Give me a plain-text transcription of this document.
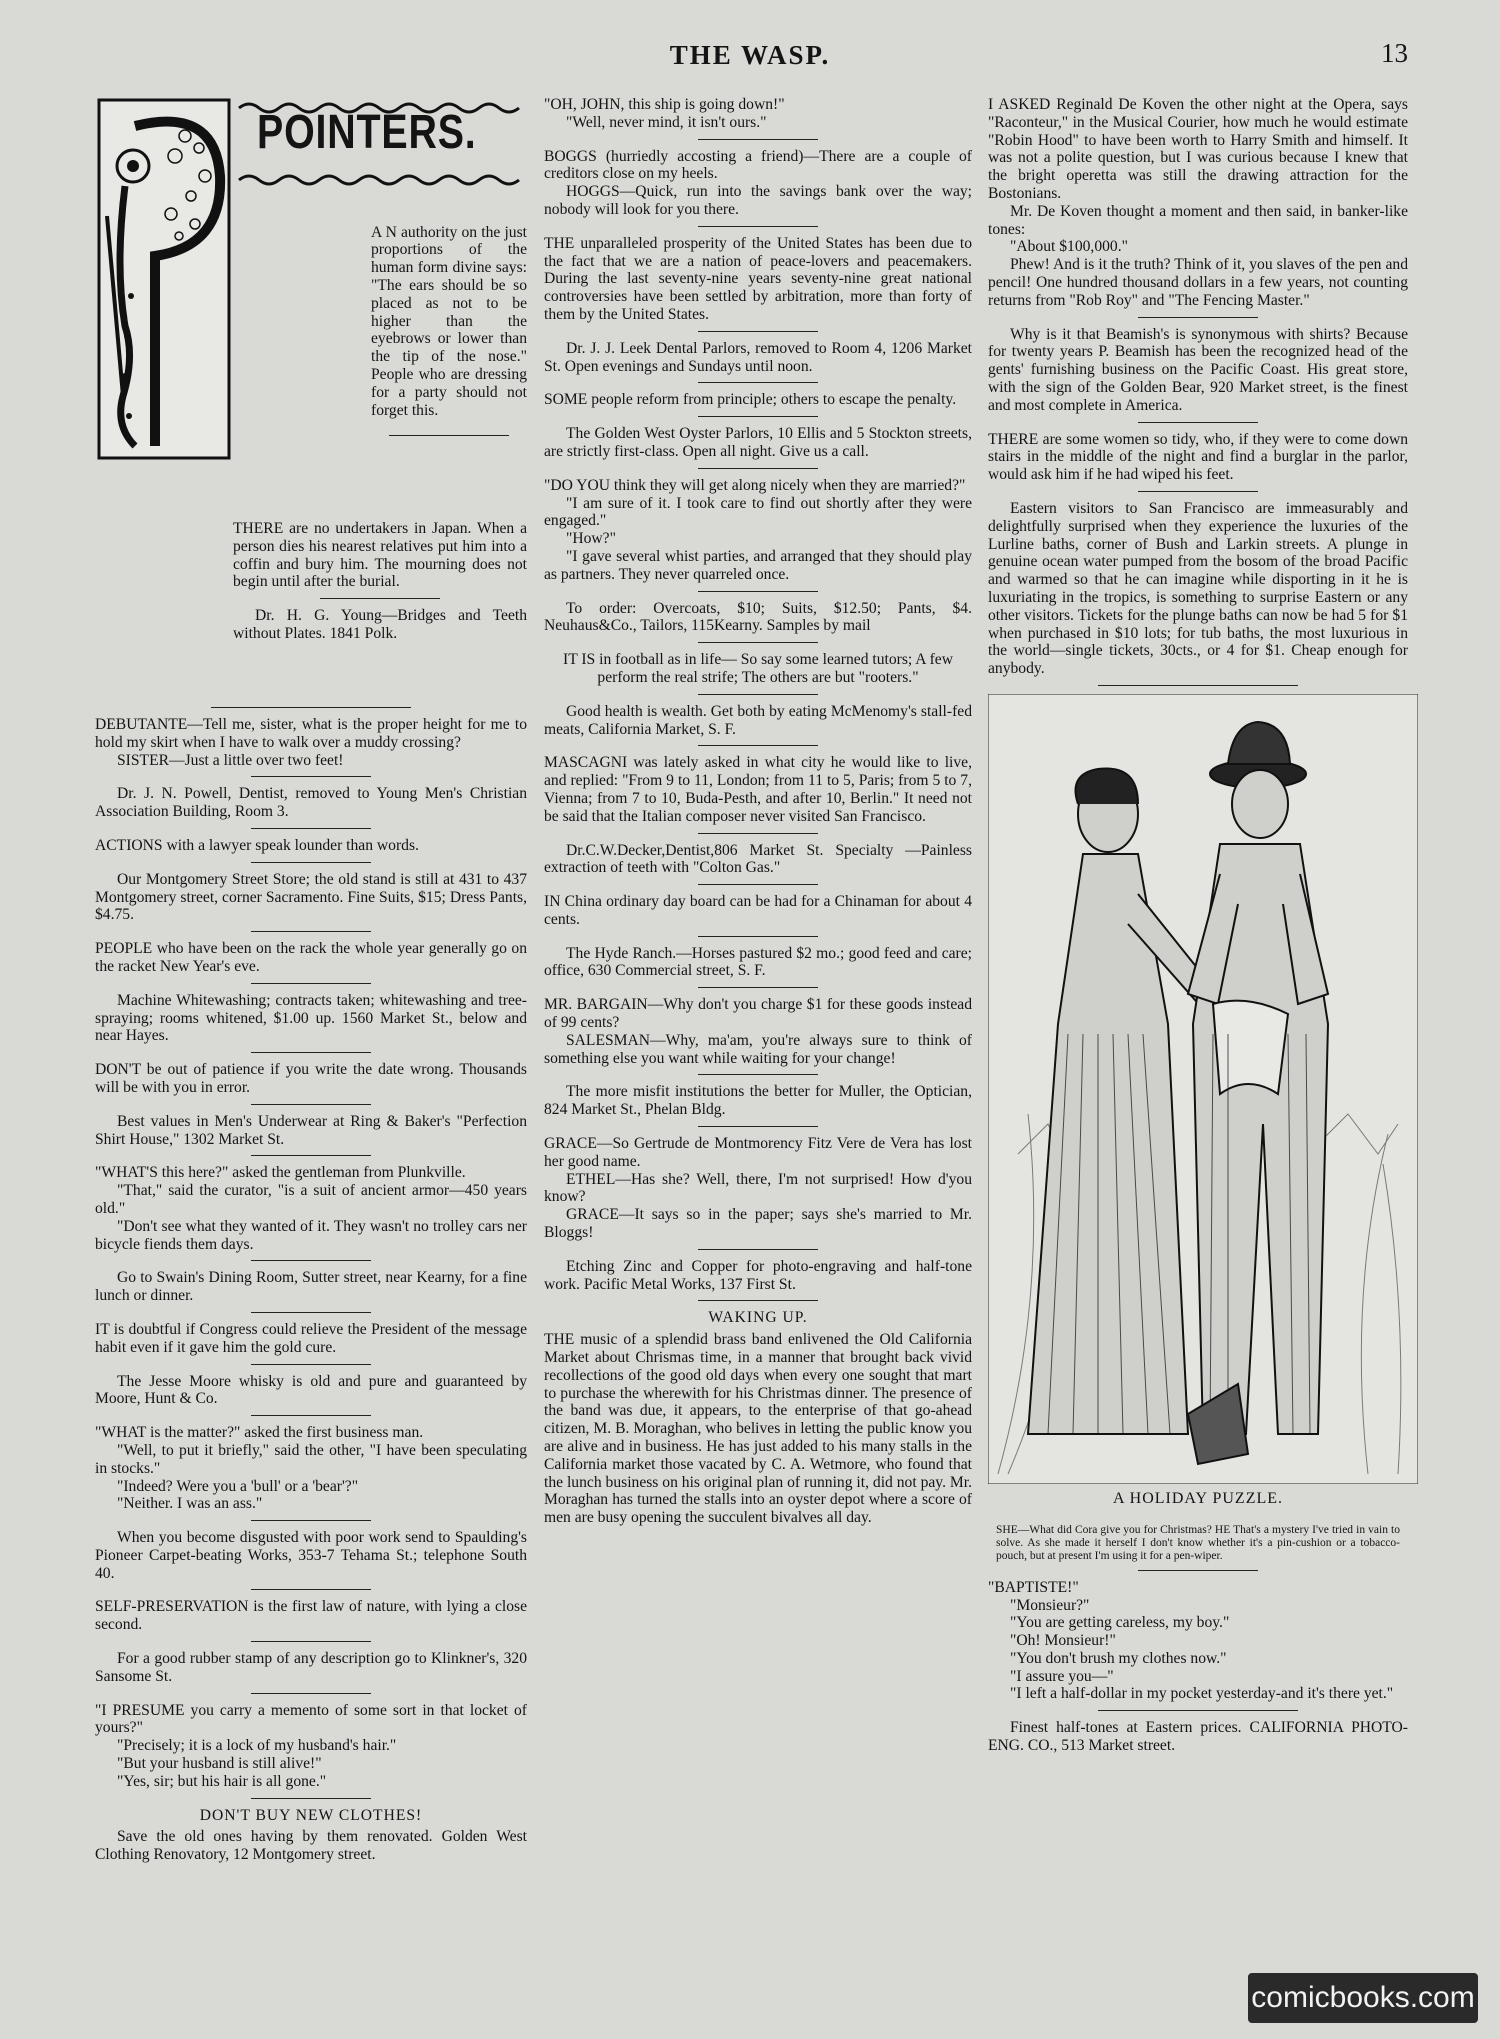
THE WASP.	13
POINTERS.

A N authority on the just proportions of the human form divine says: "The ears should be so placed as not to be higher than the eyebrows or lower than the tip of the nose." People who are dressing for a party should not forget this.

THERE are no undertakers in Japan. When a person dies his nearest relatives put him into a coffin and bury him. The mourning does not begin until after the burial.

Dr. H. G. Young—Bridges and Teeth without Plates. 1841 Polk.

DEBUTANTE—Tell me, sister, what is the proper height for me to hold my skirt when I have to walk over a muddy crossing?

SISTER—Just a little over two feet!

Dr. J. N. Powell, Dentist, removed to Young Men's Christian Association Building, Room 3.

ACTIONS with a lawyer speak lounder than words.

Our Montgomery Street Store; the old stand is still at 431 to 437 Montgomery street, corner Sacramento. Fine Suits, $15; Dress Pants, $4.75.

PEOPLE who have been on the rack the whole year generally go on the racket New Year's eve.

Machine Whitewashing; contracts taken; whitewashing and tree-spraying; rooms whitened, $1.00 up. 1560 Market St., below and near Hayes.

DON'T be out of patience if you write the date wrong. Thousands will be with you in error.

Best values in Men's Underwear at Ring & Baker's "Perfection Shirt House," 1302 Market St.

"WHAT'S this here?" asked the gentleman from Plunkville.

"That," said the curator, "is a suit of ancient armor—450 years old."

"Don't see what they wanted of it. They wasn't no trolley cars ner bicycle fiends them days.

Go to Swain's Dining Room, Sutter street, near Kearny, for a fine lunch or dinner.

IT is doubtful if Congress could relieve the President of the message habit even if it gave him the gold cure.

The Jesse Moore whisky is old and pure and guaranteed by Moore, Hunt & Co.

"WHAT is the matter?" asked the first business man.

"Well, to put it briefly," said the other, "I have been speculating in stocks."

"Indeed? Were you a 'bull' or a 'bear'?"

"Neither. I was an ass."

When you become disgusted with poor work send to Spaulding's Pioneer Carpet-beating Works, 353-7 Tehama St.; telephone South 40.

SELF-PRESERVATION is the first law of nature, with lying a close second.

For a good rubber stamp of any description go to Klinkner's, 320 Sansome St.

"I PRESUME you carry a memento of some sort in that locket of yours?"

"Precisely; it is a lock of my husband's hair."

"But your husband is still alive!"

"Yes, sir; but his hair is all gone."

DON'T BUY NEW CLOTHES!

Save the old ones having by them renovated. Golden West Clothing Renovatory, 12 Montgomery street.

"OH, JOHN, this ship is going down!"

"Well, never mind, it isn't ours."

BOGGS (hurriedly accosting a friend)—There are a couple of creditors close on my heels.

HOGGS—Quick, run into the savings bank over the way; nobody will look for you there.

THE unparalleled prosperity of the United States has been due to the fact that we are a nation of peace-lovers and peacemakers. During the last seventy-nine years seventy-nine great national controversies have been settled by arbitration, more than forty of them by the United States.

Dr. J. J. Leek Dental Parlors, removed to Room 4, 1206 Market St. Open evenings and Sundays until noon.

SOME people reform from principle; others to escape the penalty.

The Golden West Oyster Parlors, 10 Ellis and 5 Stockton streets, are strictly first-class. Open all night. Give us a call.

"DO YOU think they will get along nicely when they are married?"

"I am sure of it. I took care to find out shortly after they were engaged."

"How?"

"I gave several whist parties, and arranged that they should play as partners. They never quarreled once.

To order: Overcoats, $10; Suits, $12.50; Pants, $4. Neuhaus&Co., Tailors, 115Kearny. Samples by mail

IT IS in football as in life— So say some learned tutors; A few perform the real strife; The others are but "rooters."

Good health is wealth. Get both by eating McMenomy's stall-fed meats, California Market, S. F.

MASCAGNI was lately asked in what city he would like to live, and replied: "From 9 to 11, London; from 11 to 5, Paris; from 5 to 7, Vienna; from 7 to 10, Buda-Pesth, and after 10, Berlin." It need not be said that the Italian composer never visited San Francisco.

Dr.C.W.Decker,Dentist,806 Market St. Specialty —Painless extraction of teeth with "Colton Gas."

IN China ordinary day board can be had for a Chinaman for about 4 cents.

The Hyde Ranch.—Horses pastured $2 mo.; good feed and care; office, 630 Commercial street, S. F.

MR. BARGAIN—Why don't you charge $1 for these goods instead of 99 cents?

SALESMAN—Why, ma'am, you're always sure to think of something else you want while waiting for your change!

The more misfit institutions the better for Muller, the Optician, 824 Market St., Phelan Bldg.

GRACE—So Gertrude de Montmorency Fitz Vere de Vera has lost her good name.

ETHEL—Has she? Well, there, I'm not surprised! How d'you know?

GRACE—It says so in the paper; says she's married to Mr. Bloggs!

Etching Zinc and Copper for photo-engraving and half-tone work. Pacific Metal Works, 137 First St.

WAKING UP.

THE music of a splendid brass band enlivened the Old California Market about Chrismas time, in a manner that brought back vivid recollections of the good old days when every one sought that mart to purchase the wherewith for his Christmas dinner. The presence of the band was due, it appears, to the enterprise of that go-ahead citizen, M. B. Moraghan, who belives in letting the public know you are alive and in business. He has just added to his many stalls in the California market those vacated by C. A. Wetmore, who found that the lunch business on his original plan of running it, did not pay. Mr. Moraghan has turned the stalls into an oyster depot where a score of men are busy opening the succulent bivalves all day.

I ASKED Reginald De Koven the other night at the Opera, says "Raconteur," in the Musical Courier, how much he would estimate "Robin Hood" to have been worth to Harry Smith and himself. It was not a polite question, but I was curious because I knew that the bright operetta was still the drawing attraction for the Bostonians.

Mr. De Koven thought a moment and then said, in banker-like tones:

"About $100,000."

Phew! And is it the truth? Think of it, you slaves of the pen and pencil! One hundred thousand dollars in a few years, not counting returns from "Rob Roy" and "The Fencing Master."

Why is it that Beamish's is synonymous with shirts? Because for twenty years P. Beamish has been the recognized head of the gents' furnishing business on the Pacific Coast. His great store, with the sign of the Golden Bear, 920 Market street, is the finest and most complete in America.

THERE are some women so tidy, who, if they were to come down stairs in the middle of the night and find a burglar in the parlor, would ask him if he had wiped his feet.

Eastern visitors to San Francisco are immeasurably and delightfully surprised when they experience the luxuries of the Lurline baths, corner of Bush and Larkin streets. A plunge in genuine ocean water pumped from the bosom of the broad Pacific and warmed so that he can imagine while disporting in it he is luxuriating in the tropics, is something to surprise Eastern or any other visitors. Tickets for the plunge baths can now be had 5 for $1 when purchased in $10 lots; for tub baths, the most luxurious in the world—single tickets, 30cts., or 4 for $1. Cheap enough for anybody.

A HOLIDAY PUZZLE.

SHE—What did Cora give you for Christmas? HE That's a mystery I've tried in vain to solve. As she made it herself I don't know whether it's a pin-cushion or a tobacco-pouch, but at present I'm using it for a pen-wiper.

"BAPTISTE!"

"Monsieur?"

"You are getting careless, my boy."

"Oh! Monsieur!"

"You don't brush my clothes now."

"I assure you—"

"I left a half-dollar in my pocket yesterday-and it's there yet."

Finest half-tones at Eastern prices. CALIFORNIA PHOTO-ENG. CO., 513 Market street.

comicbooks.com
